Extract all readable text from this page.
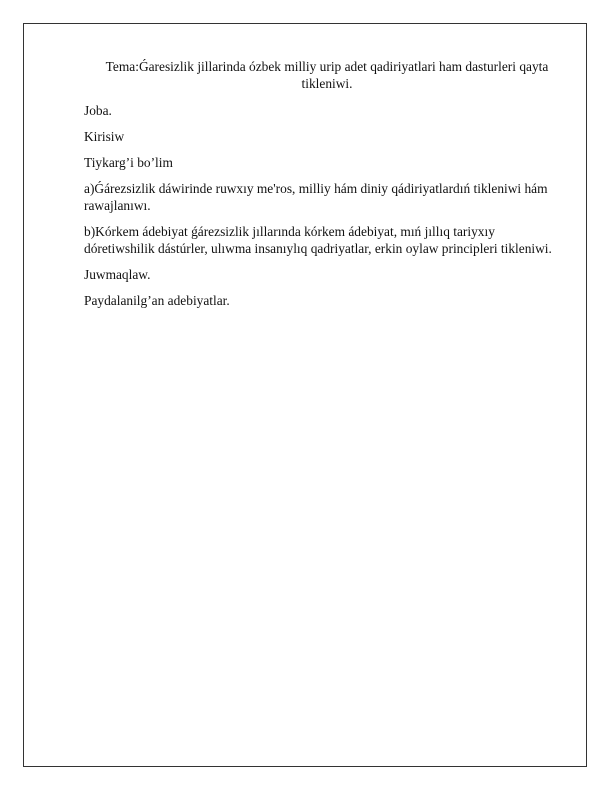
Tema:Ǵaresizlik jillarinda ózbek milliy urip adet qadiriyatlari ham dasturleri qayta tikleniwi.

Joba.

Kirisiw

Tiykarg’i bo’lim

a)Ǵárezsizlik dáwirinde ruwxıy me'ros, milliy hám diniy qádiriyatlardıń tikleniwi hám rawajlanıwı.

b)Kórkem ádebiyat ǵárezsizlik jıllarında kórkem ádebiyat, mıń jıllıq tariyxıy dóretiwshilik dástúrler, ulıwma insanıylıq qadriyatlar, erkin oylaw principleri tikleniwi.

Juwmaqlaw.

Paydalanilg’an adebiyatlar.
